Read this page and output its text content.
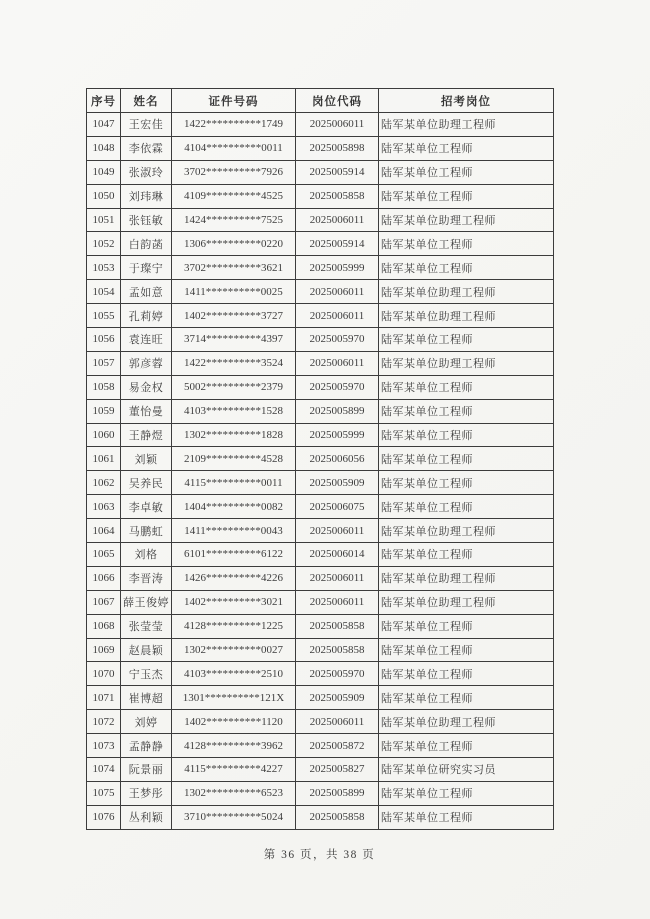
序号	姓名	证件号码	岗位代码	招考岗位
1047	王宏佳	1422**********1749	2025006011	陆军某单位助理工程师
1048	李依霖	4104**********0011	2025005898	陆军某单位工程师
1049	张淑玲	3702**********7926	2025005914	陆军某单位工程师
1050	刘玮琳	4109**********4525	2025005858	陆军某单位工程师
1051	张钰敏	1424**********7525	2025006011	陆军某单位助理工程师
1052	白韵菡	1306**********0220	2025005914	陆军某单位工程师
1053	于璨宁	3702**********3621	2025005999	陆军某单位工程师
1054	孟如意	1411**********0025	2025006011	陆军某单位助理工程师
1055	孔莉婷	1402**********3727	2025006011	陆军某单位助理工程师
1056	袁连旺	3714**********4397	2025005970	陆军某单位工程师
1057	郭彦蓉	1422**********3524	2025006011	陆军某单位助理工程师
1058	易金权	5002**********2379	2025005970	陆军某单位工程师
1059	董怡曼	4103**********1528	2025005899	陆军某单位工程师
1060	王静煜	1302**********1828	2025005999	陆军某单位工程师
1061	刘颖	2109**********4528	2025006056	陆军某单位工程师
1062	吴养民	4115**********0011	2025005909	陆军某单位工程师
1063	李卓敏	1404**********0082	2025006075	陆军某单位工程师
1064	马鹏虹	1411**********0043	2025006011	陆军某单位助理工程师
1065	刘格	6101**********6122	2025006014	陆军某单位工程师
1066	李晋涛	1426**********4226	2025006011	陆军某单位助理工程师
1067	薛王俊婷	1402**********3021	2025006011	陆军某单位助理工程师
1068	张莹莹	4128**********1225	2025005858	陆军某单位工程师
1069	赵晨颖	1302**********0027	2025005858	陆军某单位工程师
1070	宁玉杰	4103**********2510	2025005970	陆军某单位工程师
1071	崔博超	1301**********121X	2025005909	陆军某单位工程师
1072	刘婷	1402**********1120	2025006011	陆军某单位助理工程师
1073	孟静静	4128**********3962	2025005872	陆军某单位工程师
1074	阮景丽	4115**********4227	2025005827	陆军某单位研究实习员
1075	王梦彤	1302**********6523	2025005899	陆军某单位工程师
1076	丛利颖	3710**********5024	2025005858	陆军某单位工程师
第 36 页，共 38 页
